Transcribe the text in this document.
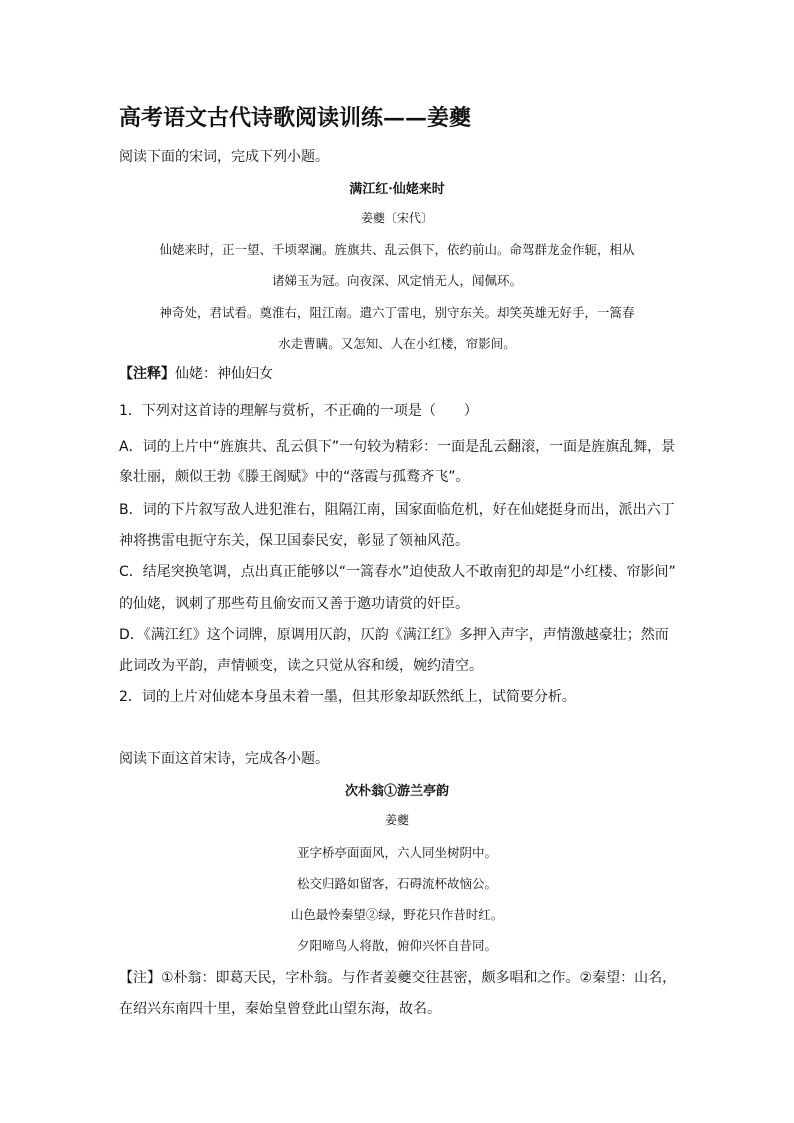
高考语文古代诗歌阅读训练——姜夔
阅读下面的宋词，完成下列小题。
满江红·仙姥来时
姜夔〔宋代〕
仙姥来时，正一望、千顷翠澜。旌旗共、乱云俱下，依约前山。命驾群龙金作轭，相从
诸娣玉为冠。向夜深、风定悄无人，闻佩环。
神奇处，君试看。奠淮右，阻江南。遣六丁雷电，别守东关。却笑英雄无好手，一篙春
水走曹瞒。又怎知、人在小红楼，帘影间。
【注释】仙姥：神仙妇女
1．下列对这首诗的理解与赏析，不正确的一项是（　　）
A．词的上片中“旌旗共、乱云俱下”一句较为精彩：一面是乱云翻滚，一面是旌旗乱舞，景
象壮丽，颇似王勃《滕王阁赋》中的“落霞与孤鹜齐飞”。
B．词的下片叙写敌人进犯淮右，阻隔江南，国家面临危机，好在仙姥挺身而出，派出六丁
神将携雷电扼守东关，保卫国泰民安，彰显了领袖风范。
C．结尾突换笔调，点出真正能够以“一篙春水”迫使敌人不敢南犯的却是“小红楼、帘影间”
的仙姥，讽刺了那些苟且偷安而又善于邀功请赏的奸臣。
D．《满江红》这个词牌，原调用仄韵，仄韵《满江红》多押入声字，声情激越豪壮；然而
此词改为平韵，声情顿变，读之只觉从容和缓，婉约清空。
2．词的上片对仙姥本身虽未着一墨，但其形象却跃然纸上，试简要分析。
阅读下面这首宋诗，完成各小题。
次朴翁①游兰亭韵
姜夔
亚字桥亭面面风，六人同坐树阴中。
松交归路如留客，石碍流杯故恼公。
山色最怜秦望②绿，野花只作昔时红。
夕阳啼鸟人将散，俯仰兴怀自昔同。
【注】①朴翁：即葛天民，字朴翁。与作者姜夔交往甚密，颇多唱和之作。②秦望：山名，
在绍兴东南四十里，秦始皇曾登此山望东海，故名。
